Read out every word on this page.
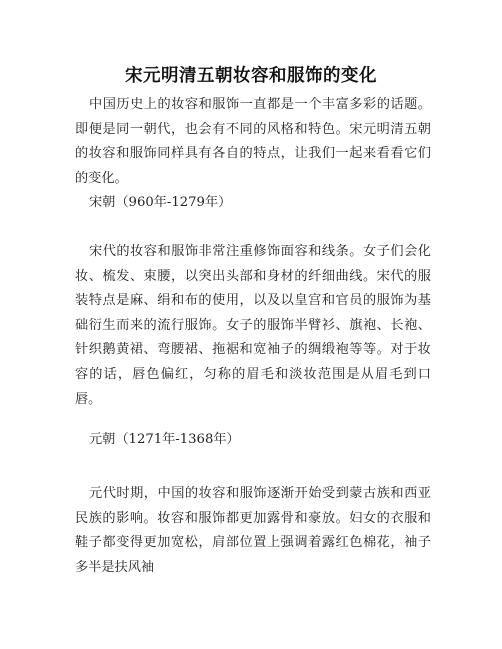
宋元明清五朝妆容和服饰的变化

中国历史上的妆容和服饰一直都是一个丰富多彩的话题。即便是同一朝代，也会有不同的风格和特色。宋元明清五朝的妆容和服饰同样具有各自的特点，让我们一起来看看它们的变化。

宋朝（960年-1279年）

宋代的妆容和服饰非常注重修饰面容和线条。女子们会化妆、梳发、束腰，以突出头部和身材的纤细曲线。宋代的服装特点是麻、绢和布的使用，以及以皇宫和官员的服饰为基础衍生而来的流行服饰。女子的服饰半臂衫、旗袍、长袍、针织鹅黄裙、弯腰裙、拖裾和宽袖子的绸缎袍等等。对于妆容的话，唇色偏红，匀称的眉毛和淡妆范围是从眉毛到口唇。

元朝（1271年-1368年）

元代时期，中国的妆容和服饰逐渐开始受到蒙古族和西亚民族的影响。妆容和服饰都更加露骨和豪放。妇女的衣服和鞋子都变得更加宽松，肩部位置上强调着露红色棉花，袖子多半是扶风袖
